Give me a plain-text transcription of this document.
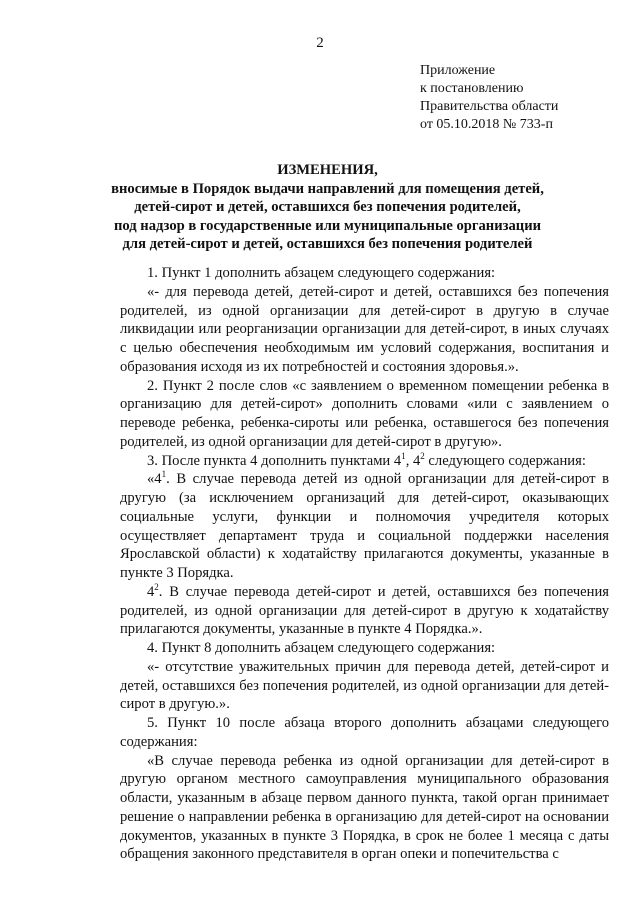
2
Приложение
к постановлению
Правительства области
от 05.10.2018 № 733-п
ИЗМЕНЕНИЯ,
вносимые в Порядок выдачи направлений для помещения детей,
детей-сирот и детей, оставшихся без попечения родителей,
под надзор в государственные или муниципальные организации
для детей-сирот и детей, оставшихся без попечения родителей

1. Пункт 1 дополнить абзацем следующего содержания:

«- для перевода детей, детей-сирот и детей, оставшихся без попечения родителей, из одной организации для детей-сирот в другую в случае ликвидации или реорганизации организации для детей-сирот, в иных случаях с целью обеспечения необходимым им условий содержания, воспитания и образования исходя из их потребностей и состояния здоровья.».

2. Пункт 2 после слов «с заявлением о временном помещении ребенка в организацию для детей-сирот» дополнить словами «или с заявлением о переводе ребенка, ребенка-сироты или ребенка, оставшегося без попечения родителей, из одной организации для детей-сирот в другую».

3. После пункта 4 дополнить пунктами $4^1$, $4^2$ следующего содержания:

«$4^1$. В случае перевода детей из одной организации для детей-сирот в другую (за исключением организаций для детей-сирот, оказывающих социальные услуги, функции и полномочия учредителя которых осуществляет департамент труда и социальной поддержки населения Ярославской области) к ходатайству прилагаются документы, указанные в пункте 3 Порядка.

$4^2$. В случае перевода детей-сирот и детей, оставшихся без попечения родителей, из одной организации для детей-сирот в другую к ходатайству прилагаются документы, указанные в пункте 4 Порядка.».

4. Пункт 8 дополнить абзацем следующего содержания:

«- отсутствие уважительных причин для перевода детей, детей-сирот и детей, оставшихся без попечения родителей, из одной организации для детей-сирот в другую.».

5. Пункт 10 после абзаца второго дополнить абзацами следующего содержания:

«В случае перевода ребенка из одной организации для детей-сирот в другую органом местного самоуправления муниципального образования области, указанным в абзаце первом данного пункта, такой орган принимает решение о направлении ребенка в организацию для детей-сирот на основании документов, указанных в пункте 3 Порядка, в срок не более 1 месяца с даты обращения законного представителя в орган опеки и попечительства с
